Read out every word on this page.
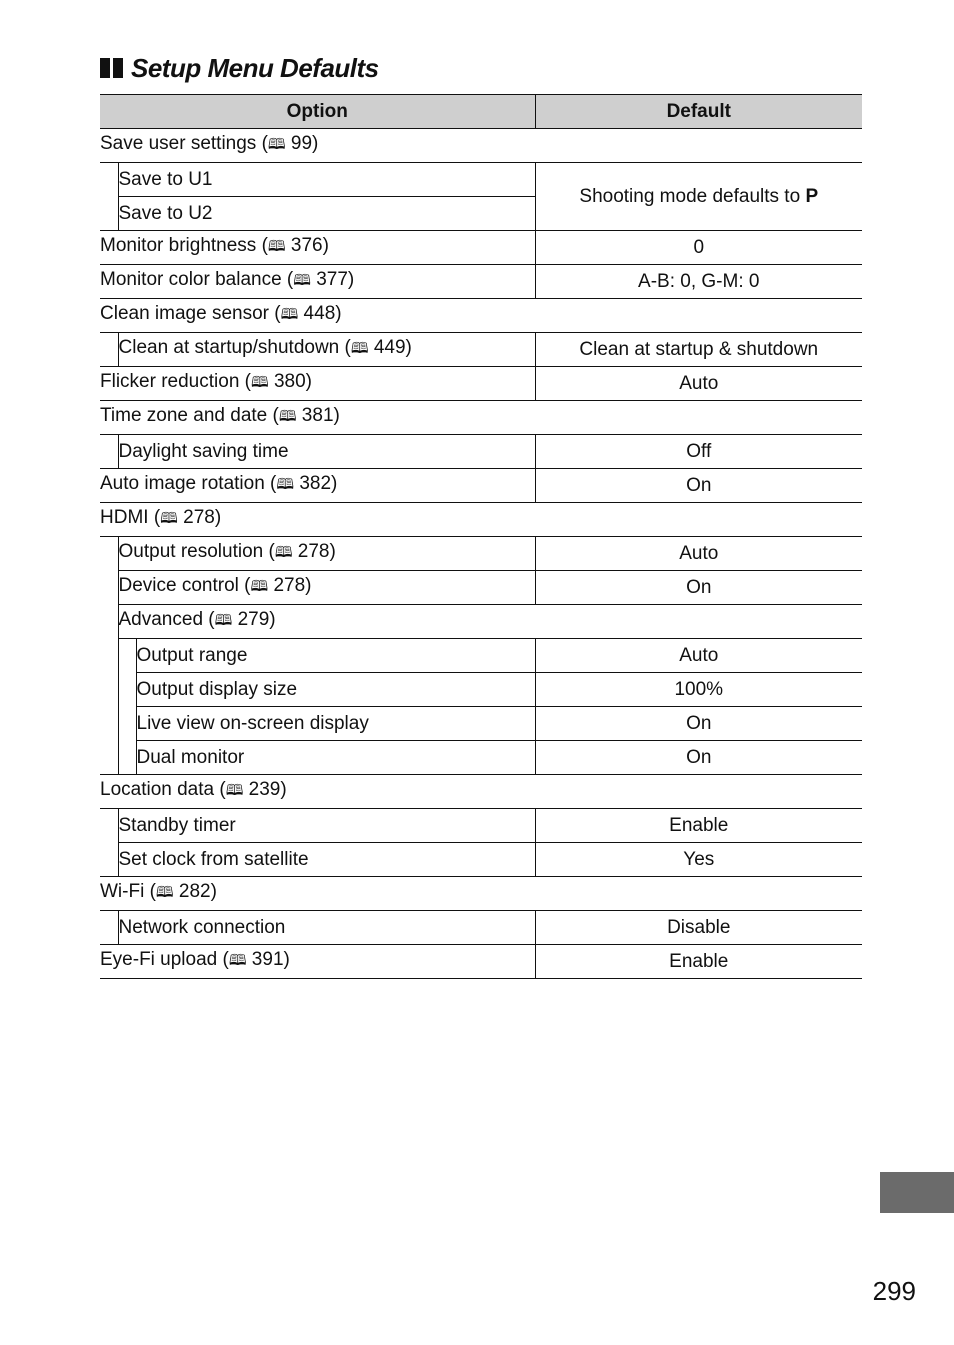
Setup Menu Defaults
Option			Default
Save user settings (🕮 99)			
	Save to U1		Shooting mode defaults to P
	Save to U2		
Monitor brightness (🕮 376)			0
Monitor color balance (🕮 377)			A-B: 0, G-M: 0
Clean image sensor (🕮 448)			
	Clean at startup/shutdown (🕮 449)		Clean at startup & shutdown
Flicker reduction (🕮 380)			Auto
Time zone and date (🕮 381)			
	Daylight saving time		Off
Auto image rotation (🕮 382)			On
HDMI (🕮 278)			
	Output resolution (🕮 278)		Auto
	Device control (🕮 278)		On
	Advanced (🕮 279)		
		Output range	Auto
		Output display size	100%
		Live view on-screen display	On
		Dual monitor	On
Location data (🕮 239)			
	Standby timer		Enable
	Set clock from satellite		Yes
Wi-Fi (🕮 282)			
	Network connection		Disable
Eye-Fi upload (🕮 391)			Enable
299
